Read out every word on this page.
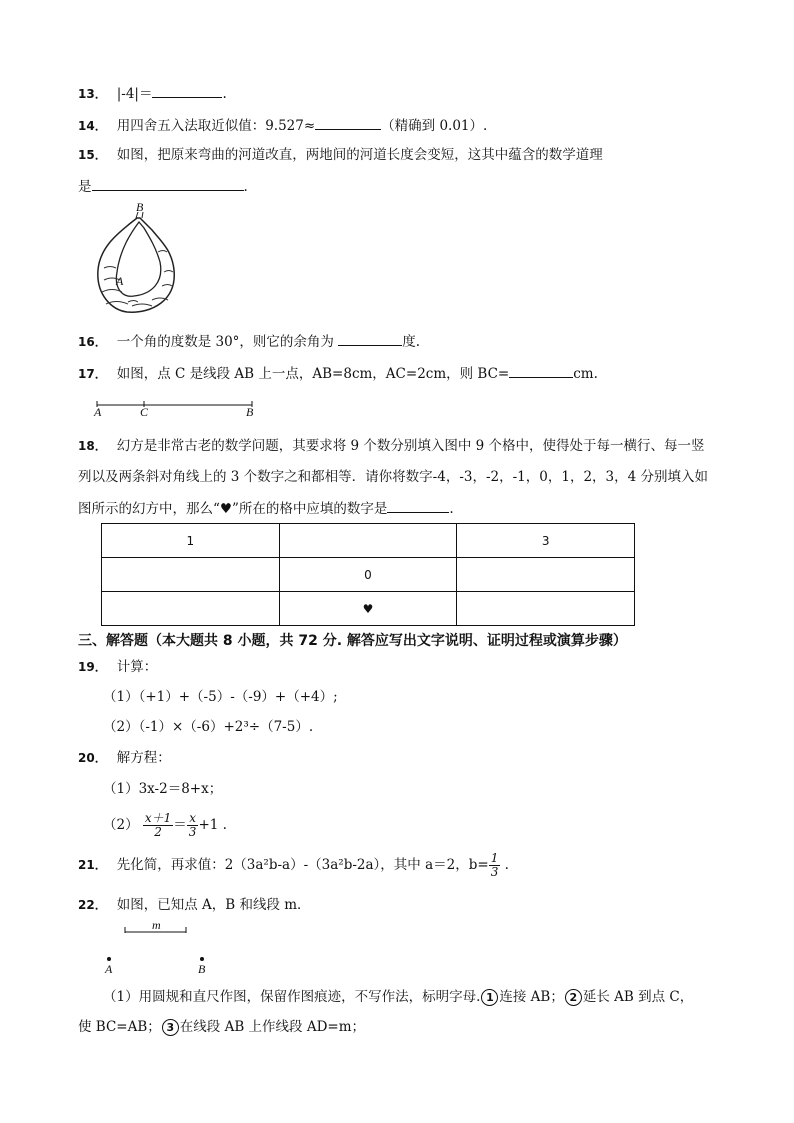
13． |-4|＝	.
14． 用四舍五入法取近似值：9.527≈	（精确到 0.01）.
15． 如图，把原来弯曲的河道改直，两地间的河道长度会变短，这其中蕴含的数学道理
是	.
B
A
16． 一个角的度数是 30°，则它的余角为	度.
17． 如图，点 C 是线段 AB 上一点，AB=8cm，AC=2cm，则 BC=	cm.
A	C	B
18． 幻方是非常古老的数学问题，其要求将 9 个数分别填入图中 9 个格中，使得处于每一横行、每一竖
列以及两条斜对角线上的 3 个数字之和都相等．请你将数字-4，-3，-2，-1，0，1，2，3，4 分别填入如
图所示的幻方中，那么“♥”所在的格中应填的数字是	.
1		3
	0	
	♥	
三、解答题（本大题共 8 小题，共 72 分. 解答应写出文字说明、证明过程或演算步骤）
19． 计算：
（1）（+1）+（-5）-（-9）+（+4）;
（2）（-1）×（-6）+2³÷（7-5）.
20． 解方程：
（1）3x-2＝8+x；
$(2) \frac{x+1}{2} = \frac{x}{3} +1$ .
21． 先化简，再求值：2（3a²b-a）-（3a²b-2a），其中 a＝2，$b= \frac{1}{3}$ .
22． 如图，已知点 A，B 和线段 m．
m
A	B
（1）用圆规和直尺作图，保留作图痕迹，不写作法，标明字母. 1 连接 AB； 2 延长 AB 到点 C，
使 BC=AB； 3 在线段 AB 上作线段 AD=m；
